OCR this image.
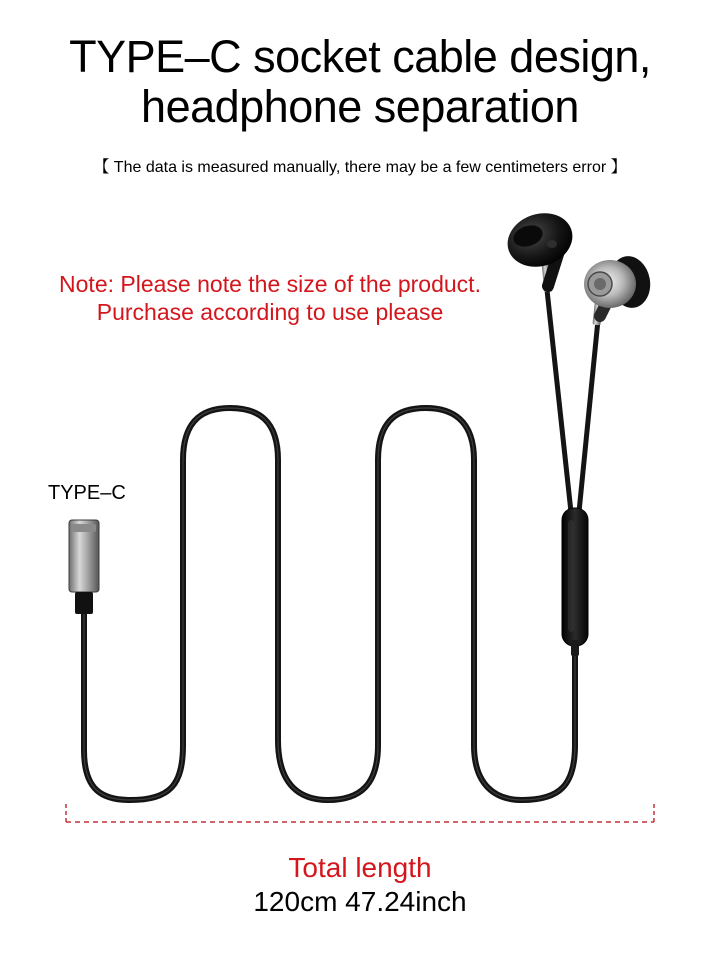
TYPE–C socket cable design,
headphone separation
【 The data is measured manually, there may be a few centimeters error 】
Note: Please note the size of the product.
Purchase according to use please
TYPE–C
Total length
120cm 47.24inch
